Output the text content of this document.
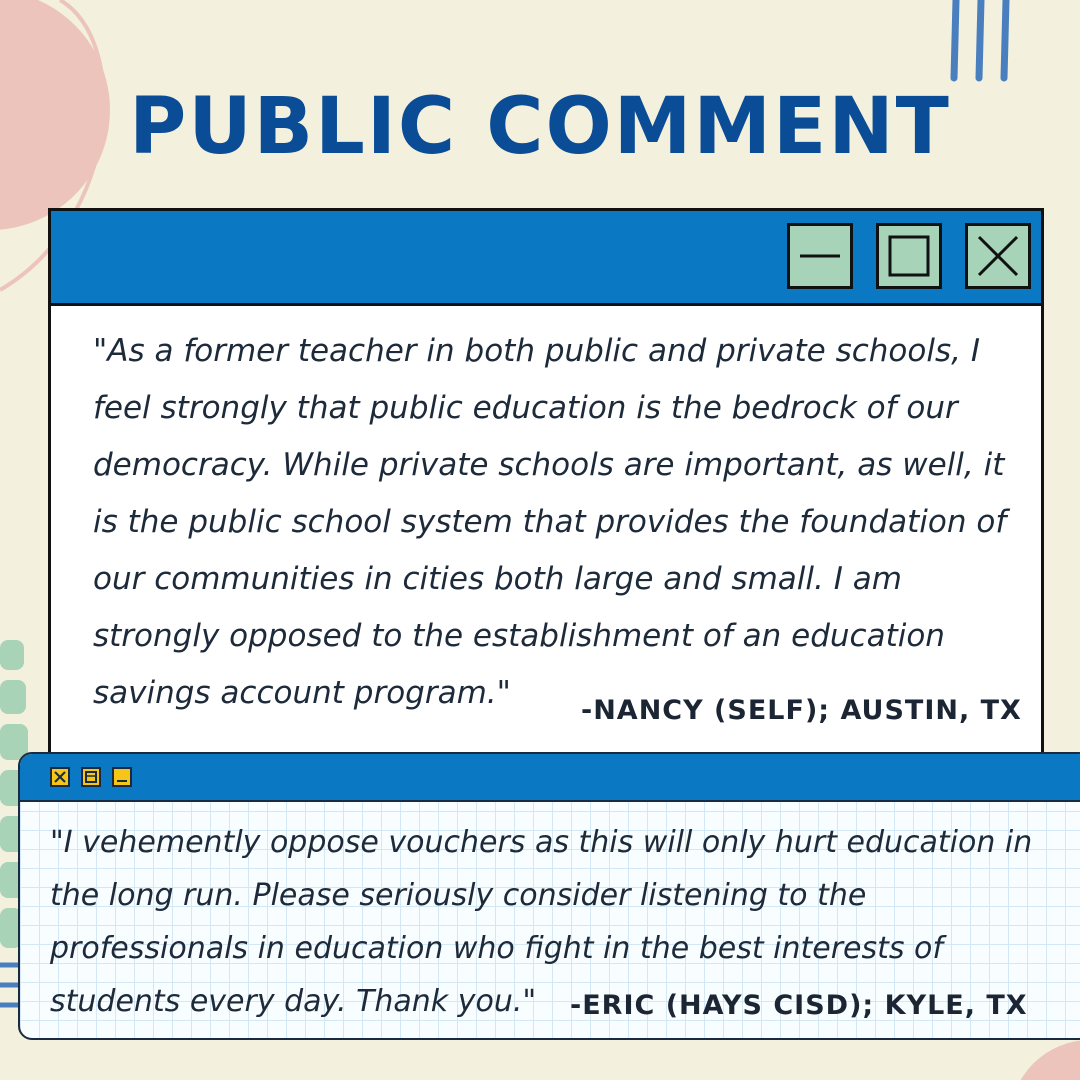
PUBLIC COMMENT

"As a former teacher in both public and private schools, I feel strongly that public education is the bedrock of our democracy. While private schools are important, as well, it is the public school system that provides the foundation of our communities in cities both large and small. I am strongly opposed to the establishment of an education savings account program."	-NANCY (SELF); AUSTIN, TX

"I vehemently oppose vouchers as this will only hurt education in the long run. Please seriously consider listening to the professionals in education who fight in the best interests of students every day. Thank you."	-ERIC (HAYS CISD); KYLE, TX
